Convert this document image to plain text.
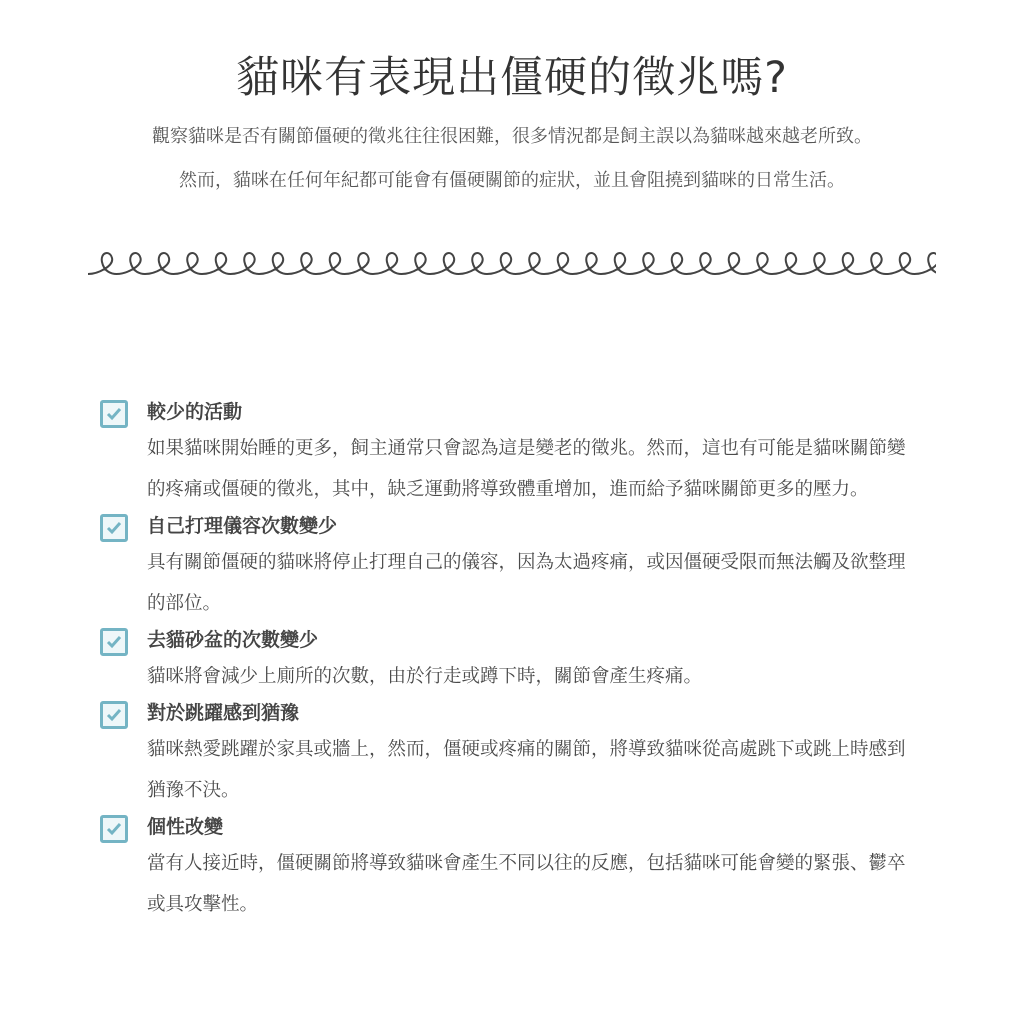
貓咪有表現出僵硬的徵兆嗎?
觀察貓咪是否有關節僵硬的徵兆往往很困難，很多情況都是飼主誤以為貓咪越來越老所致。
然而，貓咪在任何年紀都可能會有僵硬關節的症狀，並且會阻撓到貓咪的日常生活。
較少的活動
如果貓咪開始睡的更多，飼主通常只會認為這是變老的徵兆。然而，這也有可能是貓咪關節變的疼痛或僵硬的徵兆，其中，缺乏運動將導致體重增加，進而給予貓咪關節更多的壓力。
自己打理儀容次數變少
具有關節僵硬的貓咪將停止打理自己的儀容，因為太過疼痛，或因僵硬受限而無法觸及欲整理的部位。
去貓砂盆的次數變少
貓咪將會減少上廁所的次數，由於行走或蹲下時，關節會產生疼痛。
對於跳躍感到猶豫
貓咪熱愛跳躍於家具或牆上，然而，僵硬或疼痛的關節，將導致貓咪從高處跳下或跳上時感到猶豫不決。
個性改變
當有人接近時，僵硬關節將導致貓咪會產生不同以往的反應，包括貓咪可能會變的緊張、鬱卒或具攻擊性。
